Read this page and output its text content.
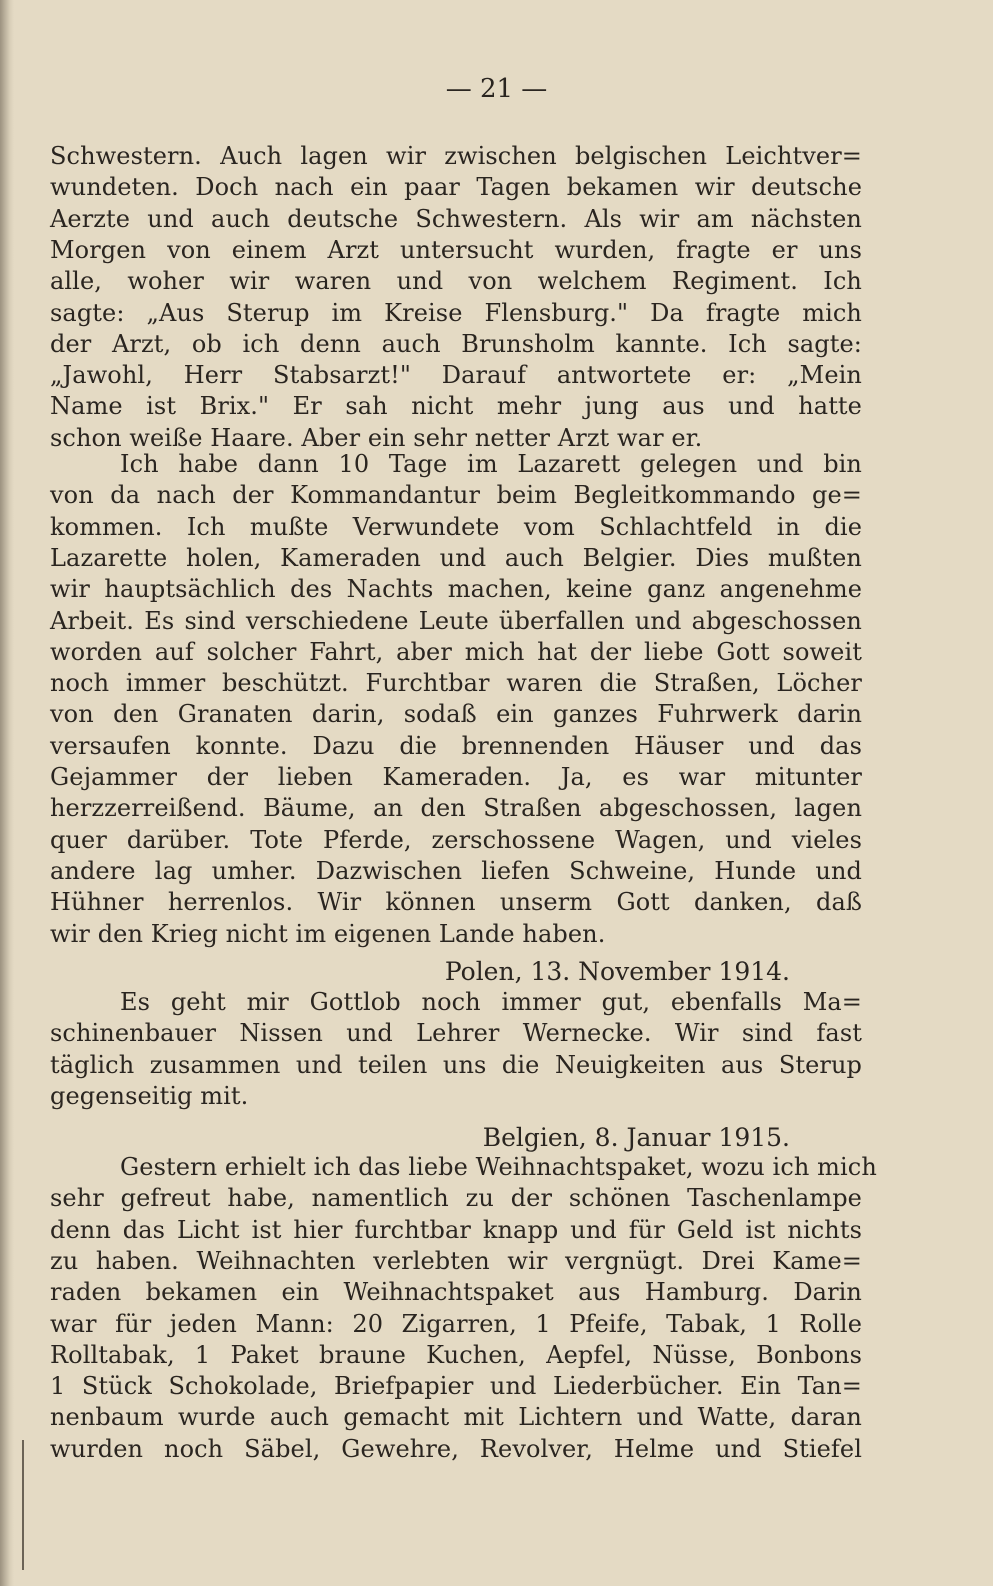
— 21 —
Schwestern. Auch lagen wir zwischen belgischen Leichtver=
wundeten. Doch nach ein paar Tagen bekamen wir deutsche
Aerzte und auch deutsche Schwestern. Als wir am nächsten
Morgen von einem Arzt untersucht wurden, fragte er uns
alle, woher wir waren und von welchem Regiment. Ich
sagte: „Aus Sterup im Kreise Flensburg." Da fragte mich
der Arzt, ob ich denn auch Brunsholm kannte. Ich sagte:
„Jawohl, Herr Stabsarzt!" Darauf antwortete er: „Mein
Name ist Brix." Er sah nicht mehr jung aus und hatte
schon weiße Haare. Aber ein sehr netter Arzt war er.
Ich habe dann 10 Tage im Lazarett gelegen und bin
von da nach der Kommandantur beim Begleitkommando ge=
kommen. Ich mußte Verwundete vom Schlachtfeld in die
Lazarette holen, Kameraden und auch Belgier. Dies mußten
wir hauptsächlich des Nachts machen, keine ganz angenehme
Arbeit. Es sind verschiedene Leute überfallen und abgeschossen
worden auf solcher Fahrt, aber mich hat der liebe Gott soweit
noch immer beschützt. Furchtbar waren die Straßen, Löcher
von den Granaten darin, sodaß ein ganzes Fuhrwerk darin
versaufen konnte. Dazu die brennenden Häuser und das
Gejammer der lieben Kameraden. Ja, es war mitunter
herzzerreißend. Bäume, an den Straßen abgeschossen, lagen
quer darüber. Tote Pferde, zerschossene Wagen, und vieles
andere lag umher. Dazwischen liefen Schweine, Hunde und
Hühner herrenlos. Wir können unserm Gott danken, daß
wir den Krieg nicht im eigenen Lande haben.
Polen, 13. November 1914.
Es geht mir Gottlob noch immer gut, ebenfalls Ma=
schinenbauer Nissen und Lehrer Wernecke. Wir sind fast
täglich zusammen und teilen uns die Neuigkeiten aus Sterup
gegenseitig mit.
Belgien, 8. Januar 1915.
Gestern erhielt ich das liebe Weihnachtspaket, wozu ich mich
sehr gefreut habe, namentlich zu der schönen Taschenlampe
denn das Licht ist hier furchtbar knapp und für Geld ist nichts
zu haben. Weihnachten verlebten wir vergnügt. Drei Kame=
raden bekamen ein Weihnachtspaket aus Hamburg. Darin
war für jeden Mann: 20 Zigarren, 1 Pfeife, Tabak, 1 Rolle
Rolltabak, 1 Paket braune Kuchen, Aepfel, Nüsse, Bonbons
1 Stück Schokolade, Briefpapier und Liederbücher. Ein Tan=
nenbaum wurde auch gemacht mit Lichtern und Watte, daran
wurden noch Säbel, Gewehre, Revolver, Helme und Stiefel
